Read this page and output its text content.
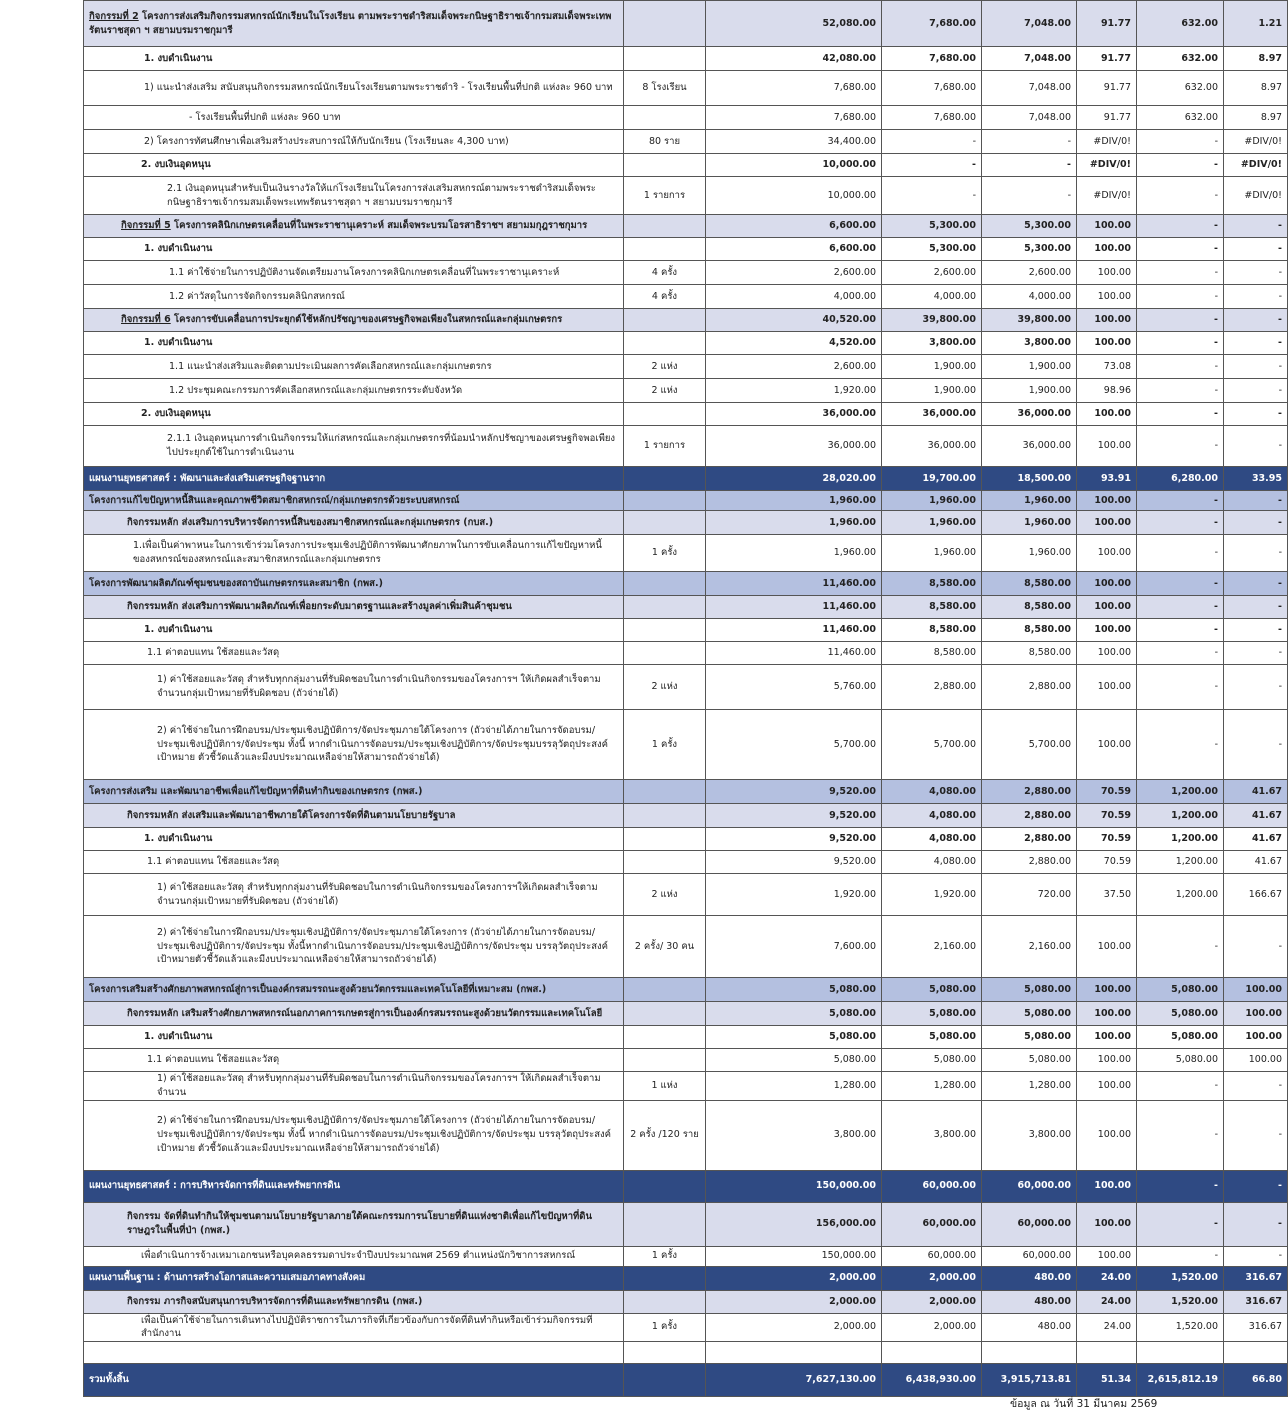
กิจกรรมที่ 2 โครงการส่งเสริมกิจกรรมสหกรณ์นักเรียนในโรงเรียน ตามพระราชดำริสมเด็จพระกนิษฐาธิราชเจ้ากรมสมเด็จพระเทพรัตนราชสุดา ฯ สยามบรมราชกุมารี		52,080.00	7,680.00	7,048.00	91.77	632.00	1.21
1. งบดำเนินงาน		42,080.00	7,680.00	7,048.00	91.77	632.00	8.97
1) แนะนำส่งเสริม สนับสนุนกิจกรรมสหกรณ์นักเรียนโรงเรียนตามพระราชดำริ - โรงเรียนพื้นที่ปกติ แห่งละ 960 บาท	8 โรงเรียน	7,680.00	7,680.00	7,048.00	91.77	632.00	8.97
- โรงเรียนพื้นที่ปกติ แห่งละ 960 บาท		7,680.00	7,680.00	7,048.00	91.77	632.00	8.97
2) โครงการทัศนศึกษาเพื่อเสริมสร้างประสบการณ์ให้กับนักเรียน (โรงเรียนละ 4,300 บาท)	80 ราย	34,400.00	-	-	#DIV/0!	-	#DIV/0!
2. งบเงินอุดหนุน		10,000.00	-	-	#DIV/0!	-	#DIV/0!
2.1 เงินอุดหนุนสำหรับเป็นเงินรางวัลให้แก่โรงเรียนในโครงการส่งเสริมสหกรณ์ตามพระราชดำริสมเด็จพระกนิษฐาธิราชเจ้ากรมสมเด็จพระเทพรัตนราชสุดา ฯ สยามบรมราชกุมารี	1 รายการ	10,000.00	-	-	#DIV/0!	-	#DIV/0!
กิจกรรมที่ 5 โครงการคลินิกเกษตรเคลื่อนที่ในพระราชานุเคราะห์ สมเด็จพระบรมโอรสาธิราชฯ สยามมกุฎราชกุมาร		6,600.00	5,300.00	5,300.00	100.00	-	-
1. งบดำเนินงาน		6,600.00	5,300.00	5,300.00	100.00	-	-
1.1 ค่าใช้จ่ายในการปฏิบัติงานจัดเตรียมงานโครงการคลินิกเกษตรเคลื่อนที่ในพระราชานุเคราะห์	4 ครั้ง	2,600.00	2,600.00	2,600.00	100.00	-	-
1.2 ค่าวัสดุในการจัดกิจกรรมคลินิกสหกรณ์	4 ครั้ง	4,000.00	4,000.00	4,000.00	100.00	-	-
กิจกรรมที่ 6 โครงการขับเคลื่อนการประยุกต์ใช้หลักปรัชญาของเศรษฐกิจพอเพียงในสหกรณ์และกลุ่มเกษตรกร		40,520.00	39,800.00	39,800.00	100.00	-	-
1. งบดำเนินงาน		4,520.00	3,800.00	3,800.00	100.00	-	-
1.1 แนะนำส่งเสริมและติดตามประเมินผลการคัดเลือกสหกรณ์และกลุ่มเกษตรกร	2 แห่ง	2,600.00	1,900.00	1,900.00	73.08	-	-
1.2 ประชุมคณะกรรมการคัดเลือกสหกรณ์และกลุ่มเกษตรกรระดับจังหวัด	2 แห่ง	1,920.00	1,900.00	1,900.00	98.96	-	-
2. งบเงินอุดหนุน		36,000.00	36,000.00	36,000.00	100.00	-	-
2.1.1 เงินอุดหนุนการดำเนินกิจกรรมให้แก่สหกรณ์และกลุ่มเกษตรกรที่น้อมนำหลักปรัชญาของเศรษฐกิจพอเพียงไปประยุกต์ใช้ในการดำเนินงาน	1 รายการ	36,000.00	36,000.00	36,000.00	100.00	-	-
แผนงานยุทธศาสตร์ : พัฒนาและส่งเสริมเศรษฐกิจฐานราก		28,020.00	19,700.00	18,500.00	93.91	6,280.00	33.95
โครงการแก้ไขปัญหาหนี้สินและคุณภาพชีวิตสมาชิกสหกรณ์/กลุ่มเกษตรกรด้วยระบบสหกรณ์		1,960.00	1,960.00	1,960.00	100.00	-	-
กิจกรรมหลัก ส่งเสริมการบริหารจัดการหนี้สินของสมาชิกสหกรณ์และกลุ่มเกษตรกร (กบส.)		1,960.00	1,960.00	1,960.00	100.00	-	-
1.เพื่อเป็นค่าพาหนะในการเข้าร่วมโครงการประชุมเชิงปฏิบัติการพัฒนาศักยภาพในการขับเคลื่อนการแก้ไขปัญหาหนี้ของสหกรณ์ของสหกรณ์และสมาชิกสหกรณ์และกลุ่มเกษตรกร	1 ครั้ง	1,960.00	1,960.00	1,960.00	100.00	-	-
โครงการพัฒนาผลิตภัณฑ์ชุมชนของสถาบันเกษตรกรและสมาชิก (กพส.)		11,460.00	8,580.00	8,580.00	100.00	-	-
กิจกรรมหลัก ส่งเสริมการพัฒนาผลิตภัณฑ์เพื่อยกระดับมาตรฐานและสร้างมูลค่าเพิ่มสินค้าชุมชน		11,460.00	8,580.00	8,580.00	100.00	-	-
1. งบดำเนินงาน		11,460.00	8,580.00	8,580.00	100.00	-	-
1.1 ค่าตอบแทน ใช้สอยและวัสดุ		11,460.00	8,580.00	8,580.00	100.00	-	-
1) ค่าใช้สอยและวัสดุ สำหรับทุกกลุ่มงานที่รับผิดชอบในการดำเนินกิจกรรมของโครงการฯ ให้เกิดผลสำเร็จตามจำนวนกลุ่มเป้าหมายที่รับผิดชอบ (ถัวจ่ายได้)	2 แห่ง	5,760.00	2,880.00	2,880.00	100.00	-	-
2) ค่าใช้จ่ายในการฝึกอบรม/ประชุมเชิงปฏิบัติการ/จัดประชุมภายใต้โครงการ (ถัวจ่ายได้ภายในการจัดอบรม/ประชุมเชิงปฏิบัติการ/จัดประชุม ทั้งนี้ หากดำเนินการจัดอบรม/ประชุมเชิงปฏิบัติการ/จัดประชุมบรรลุวัตถุประสงค์ เป้าหมาย ตัวชี้วัดแล้วและมีงบประมาณเหลือจ่ายให้สามารถถัวจ่ายได้)	1 ครั้ง	5,700.00	5,700.00	5,700.00	100.00	-	-
โครงการส่งเสริม และพัฒนาอาชีพเพื่อแก้ไขปัญหาที่ดินทำกินของเกษตรกร (กพส.)		9,520.00	4,080.00	2,880.00	70.59	1,200.00	41.67
กิจกรรมหลัก ส่งเสริมและพัฒนาอาชีพภายใต้โครงการจัดที่ดินตามนโยบายรัฐบาล		9,520.00	4,080.00	2,880.00	70.59	1,200.00	41.67
1. งบดำเนินงาน		9,520.00	4,080.00	2,880.00	70.59	1,200.00	41.67
1.1 ค่าตอบแทน ใช้สอยและวัสดุ		9,520.00	4,080.00	2,880.00	70.59	1,200.00	41.67
1) ค่าใช้สอยและวัสดุ สำหรับทุกกลุ่มงานที่รับผิดชอบในการดำเนินกิจกรรมของโครงการฯให้เกิดผลสำเร็จตามจำนวนกลุ่มเป้าหมายที่รับผิดชอบ (ถัวจ่ายได้)	2 แห่ง	1,920.00	1,920.00	720.00	37.50	1,200.00	166.67
2) ค่าใช้จ่ายในการฝึกอบรม/ประชุมเชิงปฏิบัติการ/จัดประชุมภายใต้โครงการ (ถัวจ่ายได้ภายในการจัดอบรม/ประชุมเชิงปฏิบัติการ/จัดประชุม ทั้งนี้หากดำเนินการจัดอบรม/ประชุมเชิงปฏิบัติการ/จัดประชุม บรรลุวัตถุประสงค์เป้าหมายตัวชี้วัดแล้วและมีงบประมาณเหลือจ่ายให้สามารถถัวจ่ายได้)	2 ครั้ง/ 30 คน	7,600.00	2,160.00	2,160.00	100.00	-	-
โครงการเสริมสร้างศักยภาพสหกรณ์สู่การเป็นองค์กรสมรรถนะสูงด้วยนวัตกรรมและเทคโนโลยีที่เหมาะสม (กพส.)		5,080.00	5,080.00	5,080.00	100.00	5,080.00	100.00
กิจกรรมหลัก เสริมสร้างศักยภาพสหกรณ์นอกภาคการเกษตรสู่การเป็นองค์กรสมรรถนะสูงด้วยนวัตกรรมและเทคโนโลยี		5,080.00	5,080.00	5,080.00	100.00	5,080.00	100.00
1. งบดำเนินงาน		5,080.00	5,080.00	5,080.00	100.00	5,080.00	100.00
1.1 ค่าตอบแทน ใช้สอยและวัสดุ		5,080.00	5,080.00	5,080.00	100.00	5,080.00	100.00
1) ค่าใช้สอยและวัสดุ สำหรับทุกกลุ่มงานที่รับผิดชอบในการดำเนินกิจกรรมของโครงการฯ ให้เกิดผลสำเร็จตามจำนวน	1 แห่ง	1,280.00	1,280.00	1,280.00	100.00	-	-
2) ค่าใช้จ่ายในการฝึกอบรม/ประชุมเชิงปฏิบัติการ/จัดประชุมภายใต้โครงการ (ถัวจ่ายได้ภายในการจัดอบรม/ประชุมเชิงปฏิบัติการ/จัดประชุม ทั้งนี้ หากดำเนินการจัดอบรม/ประชุมเชิงปฏิบัติการ/จัดประชุม บรรลุวัตถุประสงค์ เป้าหมาย ตัวชี้วัดแล้วและมีงบประมาณเหลือจ่ายให้สามารถถัวจ่ายได้)	2 ครั้ง /120 ราย	3,800.00	3,800.00	3,800.00	100.00	-	-
แผนงานยุทธศาสตร์ : การบริหารจัดการที่ดินและทรัพยากรดิน		150,000.00	60,000.00	60,000.00	100.00	-	-
กิจกรรม จัดที่ดินทำกินให้ชุมชนตามนโยบายรัฐบาลภายใต้คณะกรรมการนโยบายที่ดินแห่งชาติเพื่อแก้ไขปัญหาที่ดินราษฎรในพื้นที่ป่า (กพส.)		156,000.00	60,000.00	60,000.00	100.00	-	-
เพื่อดำเนินการจ้างเหมาเอกชนหรือบุคคลธรรมดาประจำปีงบประมาณพศ 2569 ตำแหน่งนักวิชาการสหกรณ์	1 ครั้ง	150,000.00	60,000.00	60,000.00	100.00	-	-
แผนงานพื้นฐาน : ด้านการสร้างโอกาสและความเสมอภาคทางสังคม		2,000.00	2,000.00	480.00	24.00	1,520.00	316.67
กิจกรรม ภารกิจสนับสนุนการบริหารจัดการที่ดินและทรัพยากรดิน (กพส.)		2,000.00	2,000.00	480.00	24.00	1,520.00	316.67
เพื่อเป็นค่าใช้จ่ายในการเดินทางไปปฏิบัติราชการในภารกิจที่เกี่ยวข้องกับการจัดที่ดินทำกินหรือเข้าร่วมกิจกรรมที่สำนักงาน	1 ครั้ง	2,000.00	2,000.00	480.00	24.00	1,520.00	316.67

รวมทั้งสิ้น		7,627,130.00	6,438,930.00	3,915,713.81	51.34	2,615,812.19	66.80
ข้อมูล ณ วันที่ 31 มีนาคม 2569
